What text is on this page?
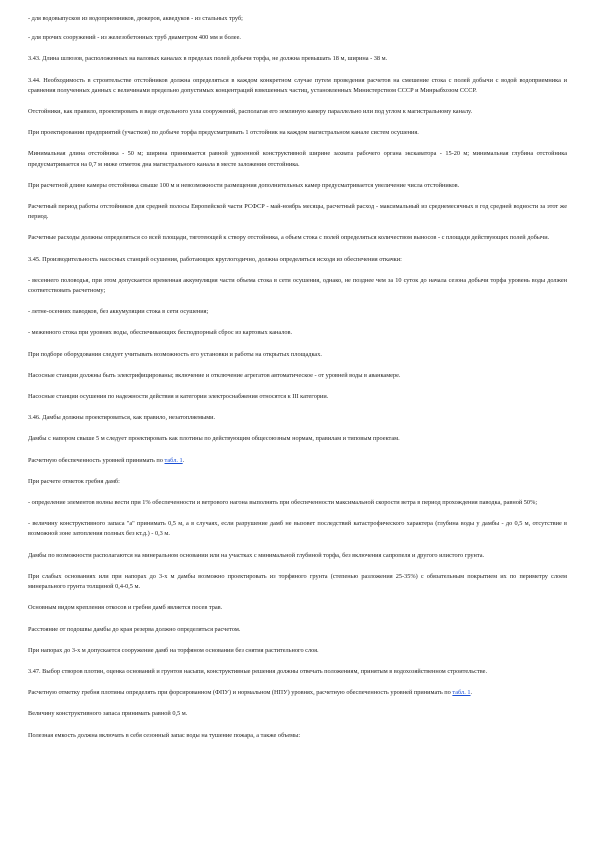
- для водовыпусков из водоприемников, дюкеров, акведуков - из стальных труб;

- для прочих сооружений - из железобетонных труб диаметром 400 мм и более.

3.43. Длина шлюзов, расположенных на валовых каналах в пределах полей добычи торфа, не должна превышать 18 м, ширина - 38 м.

3.44. Необходимость в строительстве отстойников должна определяться в каждом конкретном случае путем проведения расчетов на смешение стока с полей добычи с водой водоприемника и сравнения полученных данных с величинами предельно допустимых концентраций взвешенных частиц, установленных Министерством СССР и Минрыбхозом СССР.

Отстойники, как правило, проектировать в виде отдельного узла сооружений, располагая его земляную камеру параллельно или под углом к магистральному каналу.

При проектировании предприятий (участков) по добыче торфа предусматривать 1 отстойник на каждом магистральном канале систем осушения.

Минимальная длина отстойника - 50 м; ширина принимается равной удвоенной конструктивной ширине захвата рабочего органа экскаватора - 15-20 м; минимальная глубина отстойника предусматривается на 0,7 м ниже отметок дна магистрального канала в месте заложения отстойника.

При расчетной длине камеры отстойника свыше 100 м и невозможности размещения дополнительных камер предусматривается увеличение числа отстойников.

Расчетный период работы отстойников для средней полосы Европейской части РСФСР - май-ноябрь месяцы, расчетный расход - максимальный из среднемесячных в год средней водности за этот же период.

Расчетные расходы должны определяться со всей площади, тяготеющей к створу отстойника, а объем стока с полей определяться количеством выносов - с площади действующих полей добычи.

3.45. Производительность насосных станций осушения, работающих круглогодично, должна определяться исходя из обеспечения откачки:

- весеннего половодья, при этом допускается временная аккумуляция части объема стока в сети осушения, однако, не позднее чем за 10 суток до начала сезона добычи торфа уровень воды должен соответствовать расчетному;

- летне-осенних паводков, без аккумуляции стока в сети осушения;

- меженного стока при уровнях воды, обеспечивающих бесподпорный сброс из картовых каналов.

При подборе оборудования следует учитывать возможность его установки и работы на открытых площадках.

Насосные станции должны быть электрифицированы; включение и отключение агрегатов автоматическое - от уровней воды в аванкамере.

Насосные станции осушения по надежности действия и категории электроснабжения относятся к III категории.

3.46. Дамбы должны проектироваться, как правило, незатопляемыми.

Дамбы с напором свыше 5 м следует проектировать как плотины по действующим общесоюзным нормам, правилам и типовым проектам.

Расчетную обеспеченность уровней принимать по табл. 1.

При расчете отметок гребня дамб:

- определение элементов волны вести при 1% обеспеченности и ветрового нагона выполнять при обеспеченности максимальной скорости ветра в период прохождения паводка, равной 50%;

- величину конструктивного запаса "а" принимать 0,5 м, а в случаях, если разрушение дамб не вызовет последствий катастрофического характера (глубина воды у дамбы - до 0,5 м, отсутствие в возможной зоне затопления полных без кт.д.) - 0,3 м.

Дамбы по возможности располагаются на минеральном основании или на участках с минимальной глубиной торфа, без включения сапропеля и другого илистого грунта.

При слабых основаниях или при напорах до 3-х м дамбы возможно проектировать из торфяного грунта (степенью разложения 25-35%) с обязательным покрытием их по периметру слоем минерального грунта толщиной 0,4-0,5 м.

Основным видом крепления откосов и гребня дамб является посев трав.

Расстояние от подошвы дамбы до края резерва должно определяться расчетом.

При напорах до 3-х м допускается сооружение дамб на торфяном основании без снятия растительного слоя.

3.47. Выбор створов плотин, оценка оснований и грунтов насыпи, конструктивные решения должны отвечать положениям, принятым в водохозяйственном строительстве.

Расчетную отметку гребня плотины определять при форсированном (ФПУ) и нормальном (НПУ) уровнях, расчетную обеспеченность уровней принимать по табл. 1.

Величину конструктивного запаса принимать равной 0,5 м.

Полезная емкость должна включать в себя сезонный запас воды на тушение пожара, а также объемы:
